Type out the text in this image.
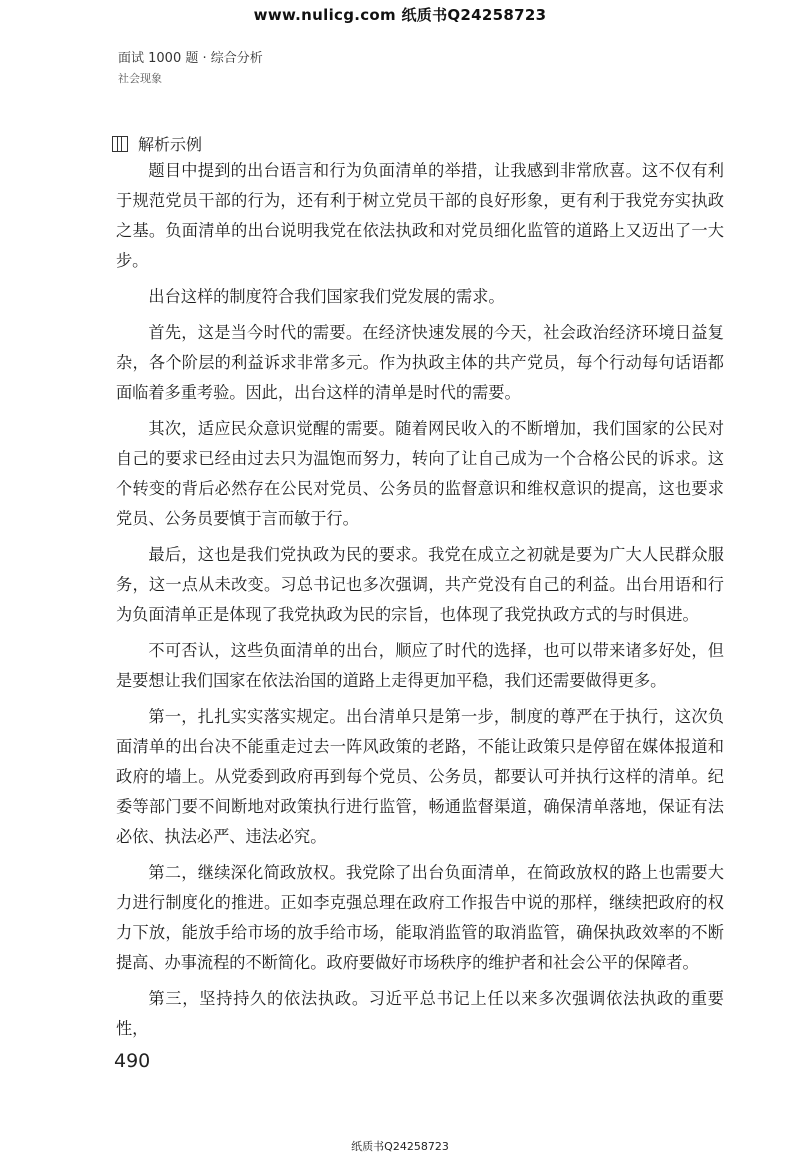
www.nulicg.com 纸质书Q24258723
面试 1000 题 · 综合分析
社会现象
解析示例

题目中提到的出台语言和行为负面清单的举措，让我感到非常欣喜。这不仅有利于规范党员干部的行为，还有利于树立党员干部的良好形象，更有利于我党夯实执政之基。负面清单的出台说明我党在依法执政和对党员细化监管的道路上又迈出了一大步。

出台这样的制度符合我们国家我们党发展的需求。

首先，这是当今时代的需要。在经济快速发展的今天，社会政治经济环境日益复杂，各个阶层的利益诉求非常多元。作为执政主体的共产党员，每个行动每句话语都面临着多重考验。因此，出台这样的清单是时代的需要。

其次，适应民众意识觉醒的需要。随着网民收入的不断增加，我们国家的公民对自己的要求已经由过去只为温饱而努力，转向了让自己成为一个合格公民的诉求。这个转变的背后必然存在公民对党员、公务员的监督意识和维权意识的提高，这也要求党员、公务员要慎于言而敏于行。

最后，这也是我们党执政为民的要求。我党在成立之初就是要为广大人民群众服务，这一点从未改变。习总书记也多次强调，共产党没有自己的利益。出台用语和行为负面清单正是体现了我党执政为民的宗旨，也体现了我党执政方式的与时俱进。

不可否认，这些负面清单的出台，顺应了时代的选择，也可以带来诸多好处，但是要想让我们国家在依法治国的道路上走得更加平稳，我们还需要做得更多。

第一，扎扎实实落实规定。出台清单只是第一步，制度的尊严在于执行，这次负面清单的出台决不能重走过去一阵风政策的老路，不能让政策只是停留在媒体报道和政府的墙上。从党委到政府再到每个党员、公务员，都要认可并执行这样的清单。纪委等部门要不间断地对政策执行进行监管，畅通监督渠道，确保清单落地，保证有法必依、执法必严、违法必究。

第二，继续深化简政放权。我党除了出台负面清单，在简政放权的路上也需要大力进行制度化的推进。正如李克强总理在政府工作报告中说的那样，继续把政府的权力下放，能放手给市场的放手给市场，能取消监管的取消监管，确保执政效率的不断提高、办事流程的不断简化。政府要做好市场秩序的维护者和社会公平的保障者。

第三，坚持持久的依法执政。习近平总书记上任以来多次强调依法执政的重要性，

490
纸质书Q24258723
